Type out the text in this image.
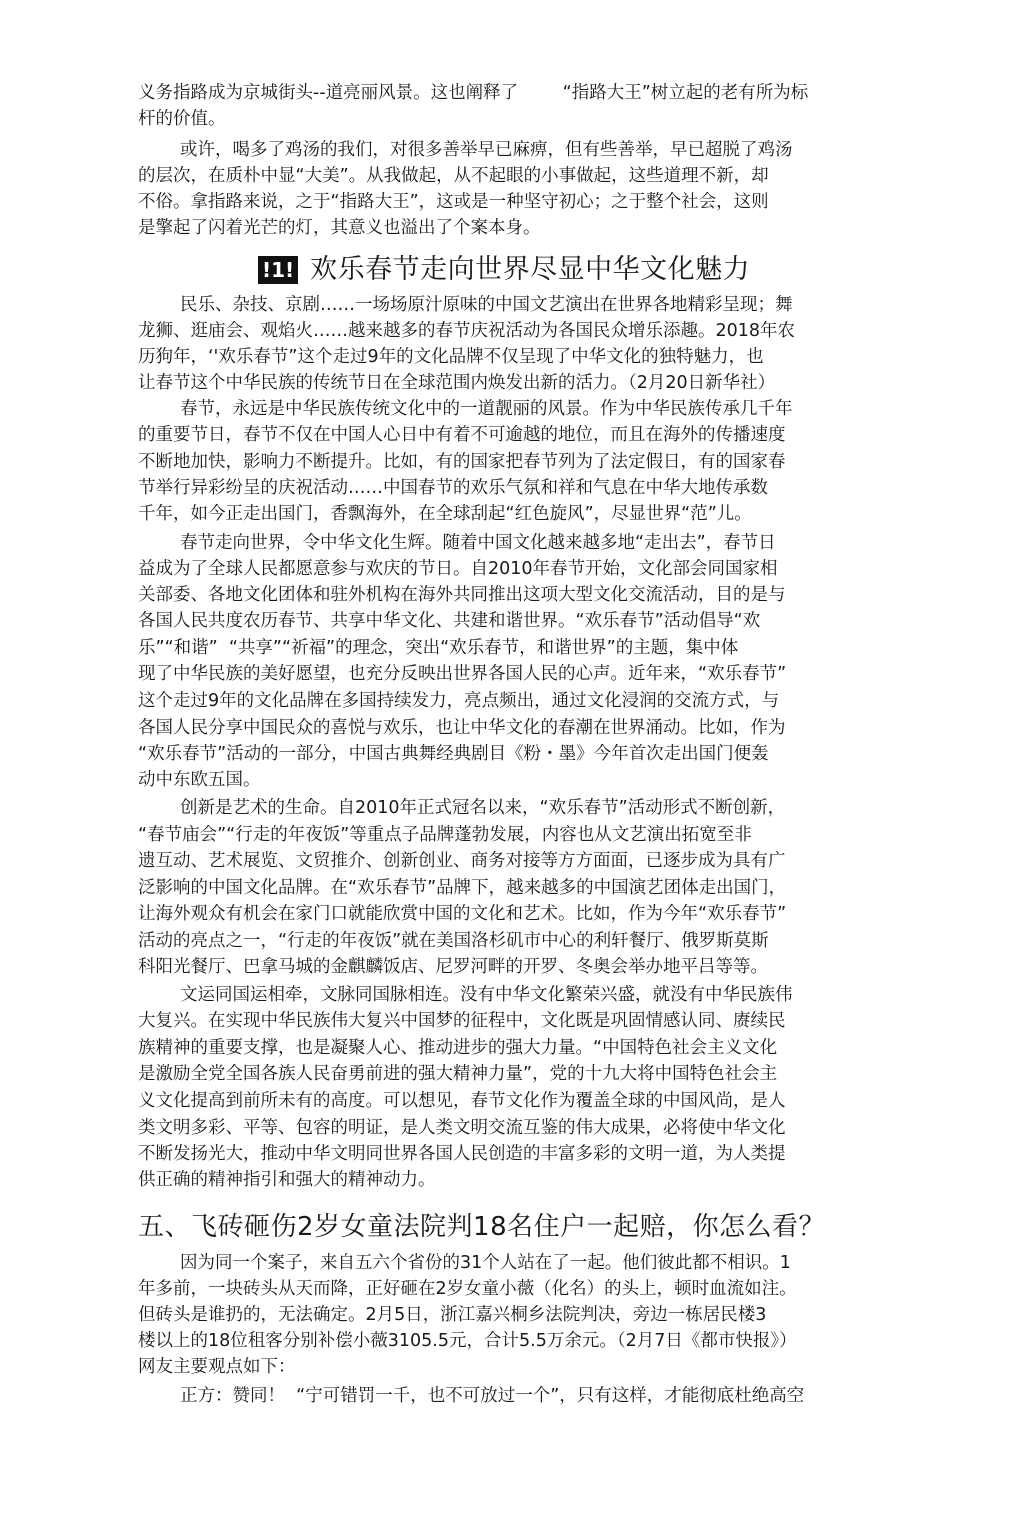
义务指路成为京城街头--道亮丽风景。这也阐释了        “指路大王”树立起的老有所为标
杆的价值。
或许，喝多了鸡汤的我们，对很多善举早已麻痹，但有些善举，早已超脱了鸡汤
的层次，在质朴中显“大美”。从我做起，从不起眼的小事做起，这些道理不新，却
不俗。拿指路来说，之于“指路大王”，这或是一种坚守初心；之于整个社会，这则
是擎起了闪着光芒的灯，其意义也溢出了个案本身。
!1! 欢乐春节走向世界尽显中华文化魅力
民乐、杂技、京剧……一场场原汁原味的中国文艺演出在世界各地精彩呈现；舞
龙狮、逛庙会、观焰火……越来越多的春节庆祝活动为各国民众增乐添趣。2018年农
历狗年，‘'欢乐春节”这个走过9年的文化品牌不仅呈现了中华文化的独特魅力，也
让春节这个中华民族的传统节日在全球范围内焕发出新的活力。（2月20日新华社）
春节，永远是中华民族传统文化中的一道靓丽的风景。作为中华民族传承几千年
的重要节日，春节不仅在中国人心日中有着不可逾越的地位，而且在海外的传播速度
不断地加快，影响力不断提升。比如，有的国家把春节列为了法定假日，有的国家春
节举行异彩纷呈的庆祝活动……中国春节的欢乐气氛和祥和气息在中华大地传承数
千年，如今正走出国门，香飘海外，在全球刮起“红色旋风”，尽显世界“范”儿。
春节走向世界，令中华文化生辉。随着中国文化越来越多地“走出去”，春节日
益成为了全球人民都愿意参与欢庆的节日。自2010年春节开始，文化部会同国家相
关部委、各地文化团体和驻外机构在海外共同推出这项大型文化交流活动，目的是与
各国人民共度农历春节、共享中华文化、共建和谐世界。“欢乐春节”活动倡导“欢
乐”“和谐”  “共享”“祈福”的理念，突出“欢乐春节，和谐世界”的主题，集中体
现了中华民族的美好愿望，也充分反映出世界各国人民的心声。近年来，“欢乐春节”
这个走过9年的文化品牌在多国持续发力，亮点频出，通过文化浸润的交流方式，与
各国人民分享中国民众的喜悦与欢乐，也让中华文化的春潮在世界涌动。比如，作为
“欢乐春节”活动的一部分，中国古典舞经典剧目《粉・墨》今年首次走出国门便轰
动中东欧五国。
创新是艺术的生命。自2010年正式冠名以来，“欢乐春节”活动形式不断创新，
“春节庙会”“行走的年夜饭”等重点子品牌蓬勃发展，内容也从文艺演出拓宽至非
遗互动、艺术展览、文贸推介、创新创业、商务对接等方方面面，已逐步成为具有广
泛影响的中国文化品牌。在“欢乐春节”品牌下，越来越多的中国演艺团体走出国门，
让海外观众有机会在家门口就能欣赏中国的文化和艺术。比如，作为今年“欢乐春节”
活动的亮点之一，“行走的年夜饭”就在美国洛杉矶市中心的利轩餐厅、俄罗斯莫斯
科阳光餐厅、巴拿马城的金麒麟饭店、尼罗河畔的开罗、冬奥会举办地平吕等等。
文运同国运相牵，文脉同国脉相连。没有中华文化繁荣兴盛，就没有中华民族伟
大复兴。在实现中华民族伟大复兴中国梦的征程中，文化既是巩固情感认同、赓续民
族精神的重要支撑，也是凝聚人心、推动进步的强大力量。“中国特色社会主义文化
是激励全党全国各族人民奋勇前进的强大精神力量”，党的十九大将中国特色社会主
义文化提高到前所未有的高度。可以想见，春节文化作为覆盖全球的中国风尚，是人
类文明多彩、平等、包容的明证，是人类文明交流互鉴的伟大成果，必将使中华文化
不断发扬光大，推动中华文明同世界各国人民创造的丰富多彩的文明一道，为人类提
供正确的精神指引和强大的精神动力。
五、飞砖砸伤2岁女童法院判18名住户一起赔，你怎么看？
因为同一个案子，来自五六个省份的31个人站在了一起。他们彼此都不相识。1
年多前，一块砖头从天而降，正好砸在2岁女童小薇（化名）的头上，顿时血流如注。
但砖头是谁扔的，无法确定。2月5日，浙江嘉兴桐乡法院判决，旁边一栋居民楼3
楼以上的18位租客分别补偿小薇3105.5元，合计5.5万余元。（2月7日《都市快报》）
网友主要观点如下：
正方：赞同！  “宁可错罚一千，也不可放过一个”，只有这样，才能彻底杜绝高空
